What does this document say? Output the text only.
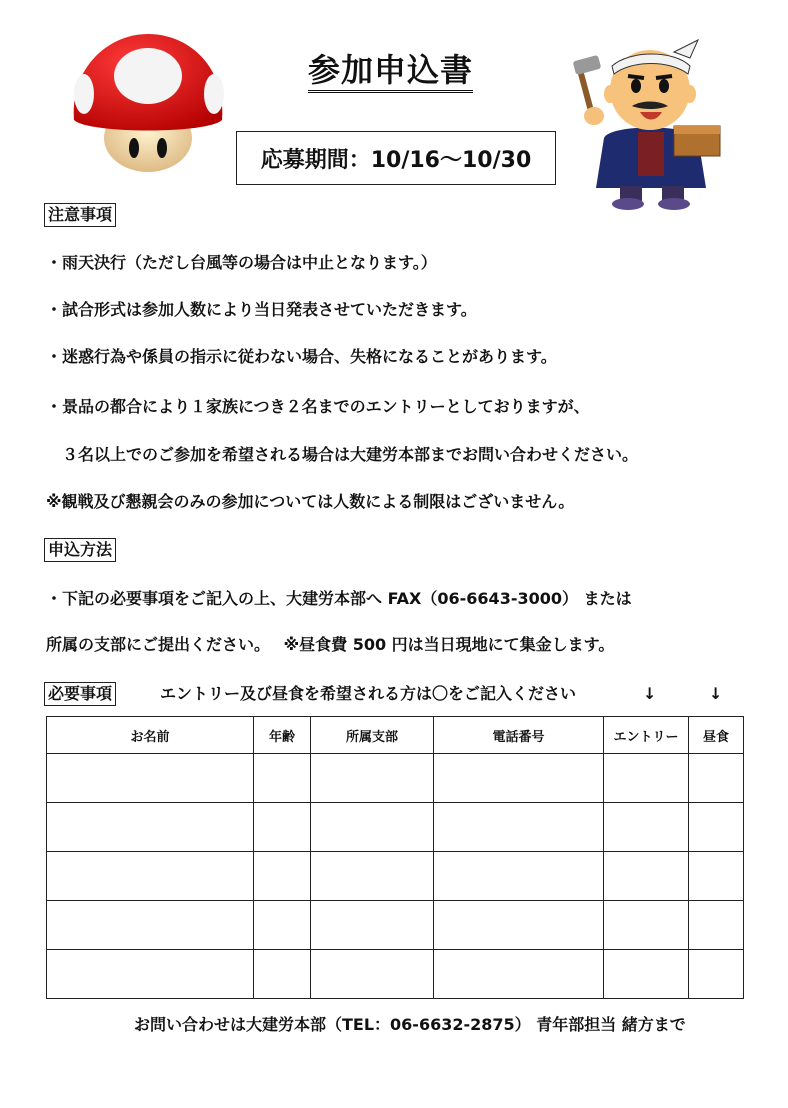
参加申込書
応募期間：10/16～10/30
注意事項
・雨天決行（ただし台風等の場合は中止となります。）
・試合形式は参加人数により当日発表させていただきます。
・迷惑行為や係員の指示に従わない場合、失格になることがあります。
・景品の都合により１家族につき２名までのエントリーとしておりますが、
　３名以上でのご参加を希望される場合は大建労本部までお問い合わせください。
※観戦及び懇親会のみの参加については人数による制限はございません。
申込方法
・下記の必要事項をご記入の上、大建労本部へ FAX（06-6643-3000） または
所属の支部にご提出ください。　 ※昼食費 500 円は当日現地にて集金します。
必要事項	エントリー及び昼食を希望される方は〇をご記入ください	↓	↓
お名前	年齢	所属支部	電話番号	エントリー	昼食

お問い合わせは大建労本部（TEL：06-6632-2875） 青年部担当 緒方まで
